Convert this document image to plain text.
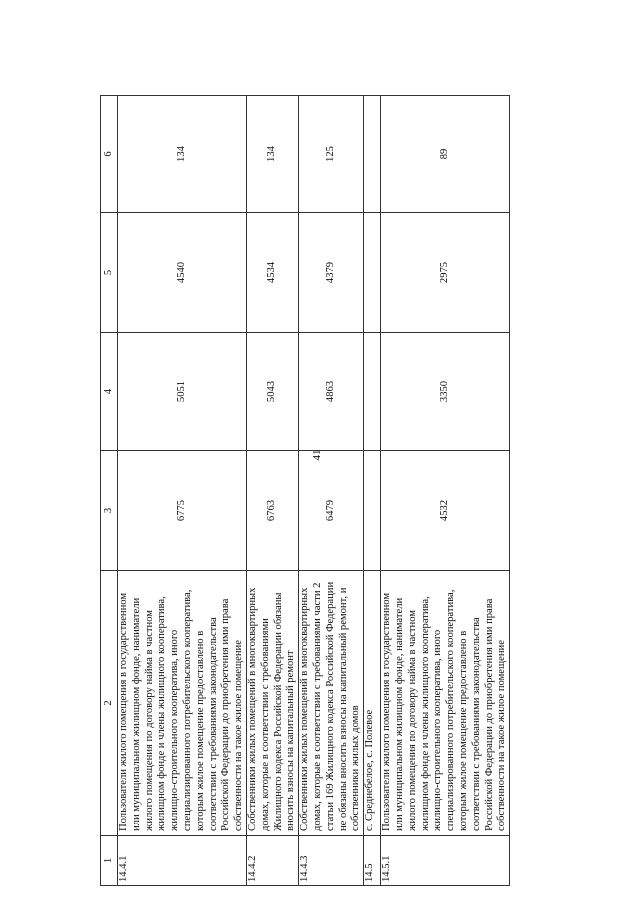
41
1	2	3	4	5	6
14.4.1	Пользователи жилого помещения в государственном или муниципальном жилищном фонде, наниматели жилого помещения по договору найма в частном жилищном фонде и члены жилищного кооператива, жилищно-строительного кооператива, иного специализированного потребительского кооператива, которым жилое помещение предоставлено в соответствии с требованиями законодательства Российской Федерации до приобретения ими права собственности на такое жилое помещение	6775	5051	4540	134
14.4.2	Собственники жилых помещений в многоквартирных домах, которые в соответствии с требованиями Жилищного кодекса Российской Федерации обязаны вносить взносы на капитальный ремонт	6763	5043	4534	134
14.4.3	Собственники жилых помещений в многоквартирных домах, которые в соответствии с требованиями части 2 статьи 169 Жилищного кодекса Российской Федерации не обязаны вносить взносы на капитальный ремонт, и собственники жилых домов	6479	4863	4379	125
14.5	с. Среднебелое, с. Полевое				
14.5.1	Пользователи жилого помещения в государственном или муниципальном жилищном фонде, наниматели жилого помещения по договору найма в частном жилищном фонде и члены жилищного кооператива, жилищно-строительного кооператива, иного специализированного потребительского кооператива, которым жилое помещение предоставлено в соответствии с требованиями законодательства Российской Федерации до приобретения ими права собственности на такое жилое помещение	4532	3350	2975	89
